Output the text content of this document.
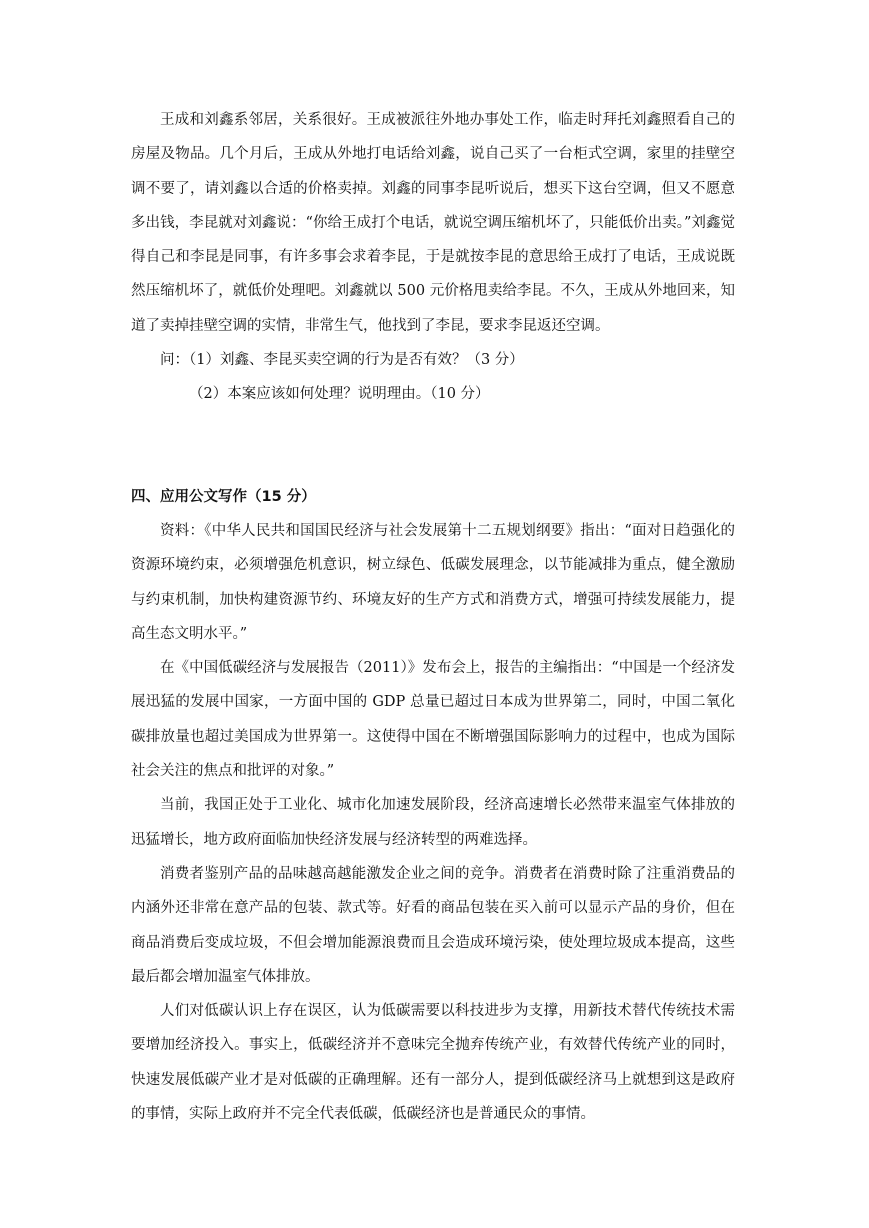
王成和刘鑫系邻居，关系很好。王成被派往外地办事处工作，临走时拜托刘鑫照看自己的房屋及物品。几个月后，王成从外地打电话给刘鑫，说自己买了一台柜式空调，家里的挂壁空调不要了，请刘鑫以合适的价格卖掉。刘鑫的同事李昆听说后，想买下这台空调，但又不愿意多出钱，李昆就对刘鑫说：“你给王成打个电话，就说空调压缩机坏了，只能低价出卖。”刘鑫觉得自己和李昆是同事，有许多事会求着李昆，于是就按李昆的意思给王成打了电话，王成说既然压缩机坏了，就低价处理吧。刘鑫就以 500 元价格甩卖给李昆。不久，王成从外地回来，知道了卖掉挂壁空调的实情，非常生气，他找到了李昆，要求李昆返还空调。

问：（1）刘鑫、李昆买卖空调的行为是否有效？（3 分）

（2）本案应该如何处理？说明理由。（10 分）

四、应用公文写作（15 分）

资料：《中华人民共和国国民经济与社会发展第十二五规划纲要》指出：“面对日趋强化的资源环境约束，必须增强危机意识，树立绿色、低碳发展理念，以节能减排为重点，健全激励与约束机制，加快构建资源节约、环境友好的生产方式和消费方式，增强可持续发展能力，提高生态文明水平。”

在《中国低碳经济与发展报告（2011）》发布会上，报告的主编指出：“中国是一个经济发展迅猛的发展中国家，一方面中国的 GDP 总量已超过日本成为世界第二，同时，中国二氧化碳排放量也超过美国成为世界第一。这使得中国在不断增强国际影响力的过程中，也成为国际社会关注的焦点和批评的对象。”

当前，我国正处于工业化、城市化加速发展阶段，经济高速增长必然带来温室气体排放的迅猛增长，地方政府面临加快经济发展与经济转型的两难选择。

消费者鉴别产品的品味越高越能激发企业之间的竞争。消费者在消费时除了注重消费品的内涵外还非常在意产品的包装、款式等。好看的商品包装在买入前可以显示产品的身价，但在商品消费后变成垃圾，不但会增加能源浪费而且会造成环境污染，使处理垃圾成本提高，这些最后都会增加温室气体排放。

人们对低碳认识上存在误区，认为低碳需要以科技进步为支撑，用新技术替代传统技术需要增加经济投入。事实上，低碳经济并不意味完全抛弃传统产业，有效替代传统产业的同时，快速发展低碳产业才是对低碳的正确理解。还有一部分人，提到低碳经济马上就想到这是政府的事情，实际上政府并不完全代表低碳，低碳经济也是普通民众的事情。
